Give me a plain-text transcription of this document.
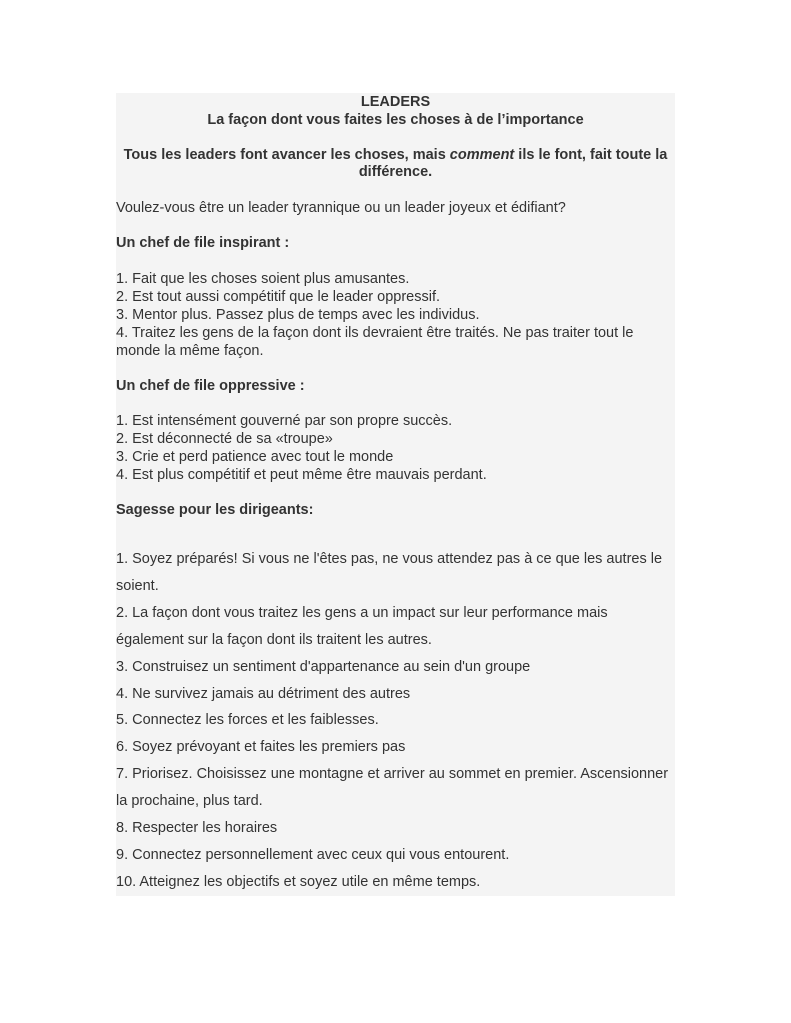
LEADERS
La façon dont vous faites les choses à de l’importance
Tous les leaders font avancer les choses, mais comment ils le font, fait toute la différence.
Voulez-vous être un leader tyrannique ou un leader joyeux et édifiant?
Un chef de file inspirant :
1. Fait que les choses soient plus amusantes.
2. Est tout aussi compétitif que le leader oppressif.
3. Mentor plus. Passez plus de temps avec les individus.
4. Traitez les gens de la façon dont ils devraient être traités. Ne pas traiter tout le monde la même façon.
Un chef de file oppressive :
1. Est intensément gouverné par son propre succès.
2. Est déconnecté de sa «troupe»
3. Crie et perd patience avec tout le monde
4. Est plus compétitif et peut même être mauvais perdant.
Sagesse pour les dirigeants:
1. Soyez préparés! Si vous ne l'êtes pas, ne vous attendez pas à ce que les autres le soient.
2. La façon dont vous traitez les gens a un impact sur leur performance mais également sur la façon dont ils traitent les autres.
3. Construisez un sentiment d'appartenance au sein d'un groupe
4. Ne survivez jamais au détriment des autres
5. Connectez les forces et les faiblesses.
6. Soyez prévoyant et faites les premiers pas
7. Priorisez. Choisissez une montagne et arriver au sommet en premier. Ascensionner la prochaine, plus tard.
8. Respecter les horaires
9. Connectez personnellement avec ceux qui vous entourent.
10. Atteignez les objectifs et soyez utile en même temps.
